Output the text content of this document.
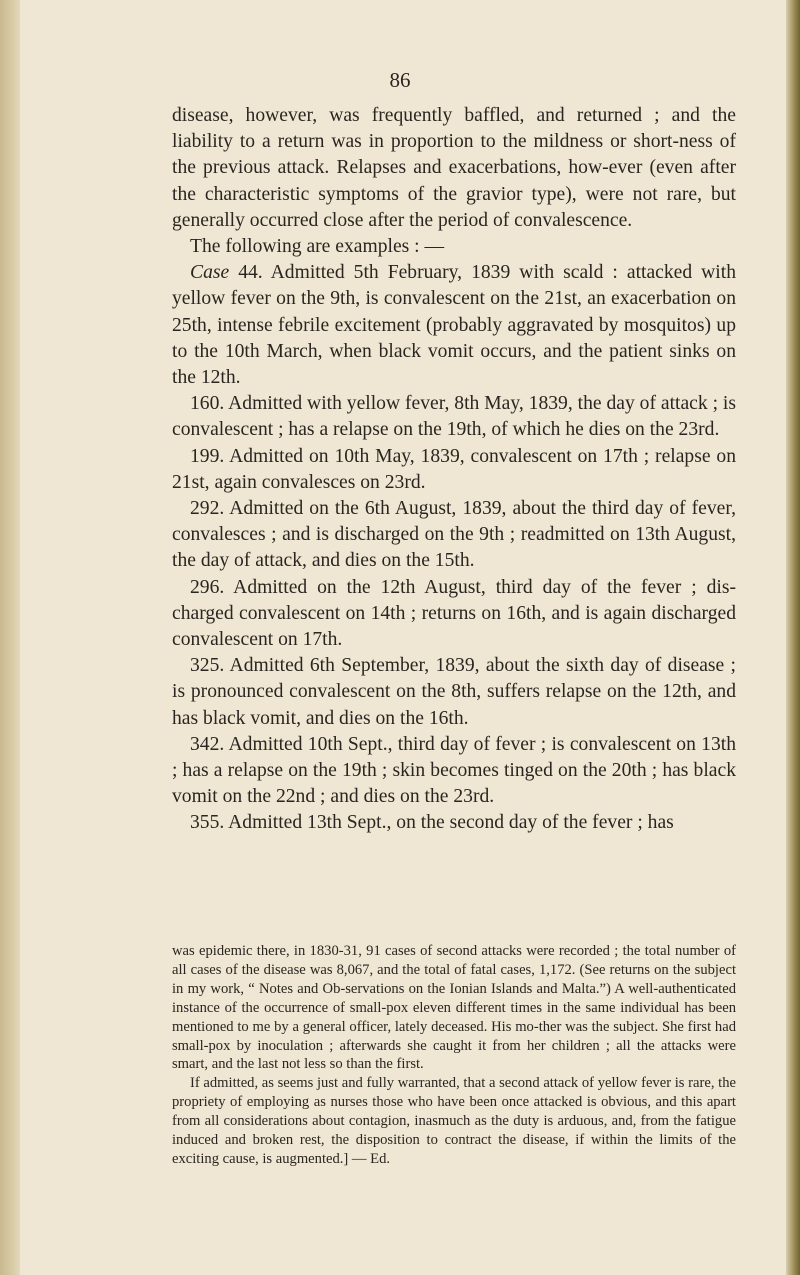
86

disease, however, was frequently baffled, and returned ; and the liability to a return was in proportion to the mildness or short-ness of the previous attack. Relapses and exacerbations, how-ever (even after the characteristic symptoms of the gravior type), were not rare, but generally occurred close after the period of convalescence.

The following are examples : —

Case 44. Admitted 5th February, 1839 with scald : attacked with yellow fever on the 9th, is convalescent on the 21st, an exacerbation on 25th, intense febrile excitement (probably aggravated by mosquitos) up to the 10th March, when black vomit occurs, and the patient sinks on the 12th.

160. Admitted with yellow fever, 8th May, 1839, the day of attack ; is convalescent ; has a relapse on the 19th, of which he dies on the 23rd.

199. Admitted on 10th May, 1839, convalescent on 17th ; relapse on 21st, again convalesces on 23rd.

292. Admitted on the 6th August, 1839, about the third day of fever, convalesces ; and is discharged on the 9th ; readmitted on 13th August, the day of attack, and dies on the 15th.

296. Admitted on the 12th August, third day of the fever ; dis-charged convalescent on 14th ; returns on 16th, and is again discharged convalescent on 17th.

325. Admitted 6th September, 1839, about the sixth day of disease ; is pronounced convalescent on the 8th, suffers relapse on the 12th, and has black vomit, and dies on the 16th.

342. Admitted 10th Sept., third day of fever ; is convalescent on 13th ; has a relapse on the 19th ; skin becomes tinged on the 20th ; has black vomit on the 22nd ; and dies on the 23rd.

355. Admitted 13th Sept., on the second day of the fever ; has

was epidemic there, in 1830-31, 91 cases of second attacks were recorded ; the total number of all cases of the disease was 8,067, and the total of fatal cases, 1,172. (See returns on the subject in my work, “ Notes and Ob-servations on the Ionian Islands and Malta.”) A well-authenticated instance of the occurrence of small-pox eleven different times in the same individual has been mentioned to me by a general officer, lately deceased. His mo-ther was the subject. She first had small-pox by inoculation ; afterwards she caught it from her children ; all the attacks were smart, and the last not less so than the first.

If admitted, as seems just and fully warranted, that a second attack of yellow fever is rare, the propriety of employing as nurses those who have been once attacked is obvious, and this apart from all considerations about contagion, inasmuch as the duty is arduous, and, from the fatigue induced and broken rest, the disposition to contract the disease, if within the limits of the exciting cause, is augmented.] — Ed.
